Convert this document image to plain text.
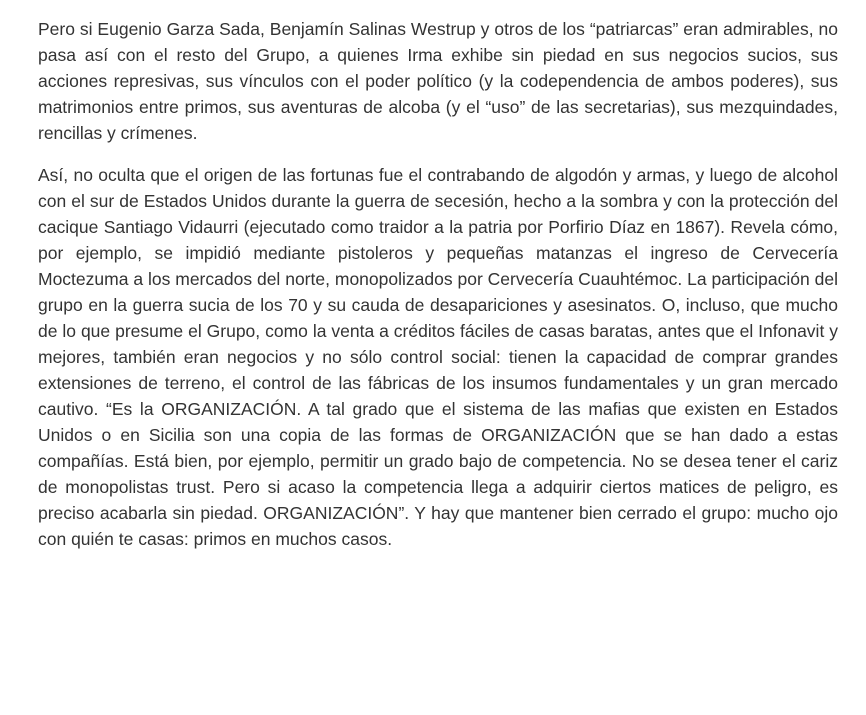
Pero si Eugenio Garza Sada, Benjamín Salinas Westrup y otros de los “patriarcas” eran admirables, no pasa así con el resto del Grupo, a quienes Irma exhibe sin piedad en sus negocios sucios, sus acciones represivas, sus vínculos con el poder político (y la codependencia de ambos poderes), sus matrimonios entre primos, sus aventuras de alcoba (y el “uso” de las secretarias), sus mezquindades, rencillas y crímenes.

Así, no oculta que el origen de las fortunas fue el contrabando de algodón y armas, y luego de alcohol con el sur de Estados Unidos durante la guerra de secesión, hecho a la sombra y con la protección del cacique Santiago Vidaurri (ejecutado como traidor a la patria por Porfirio Díaz en 1867). Revela cómo, por ejemplo, se impidió mediante pistoleros y pequeñas matanzas el ingreso de Cervecería Moctezuma a los mercados del norte, monopolizados por Cervecería Cuauhtémoc. La participación del grupo en la guerra sucia de los 70 y su cauda de desapariciones y asesinatos. O, incluso, que mucho de lo que presume el Grupo, como la venta a créditos fáciles de casas baratas, antes que el Infonavit y mejores, también eran negocios y no sólo control social: tienen la capacidad de comprar grandes extensiones de terreno, el control de las fábricas de los insumos fundamentales y un gran mercado cautivo. “Es la ORGANIZACIÓN. A tal grado que el sistema de las mafias que existen en Estados Unidos o en Sicilia son una copia de las formas de ORGANIZACIÓN que se han dado a estas compañías. Está bien, por ejemplo, permitir un grado bajo de competencia. No se desea tener el cariz de monopolistas trust. Pero si acaso la competencia llega a adquirir ciertos matices de peligro, es preciso acabarla sin piedad. ORGANIZACIÓN”. Y hay que mantener bien cerrado el grupo: mucho ojo con quién te casas: primos en muchos casos.
